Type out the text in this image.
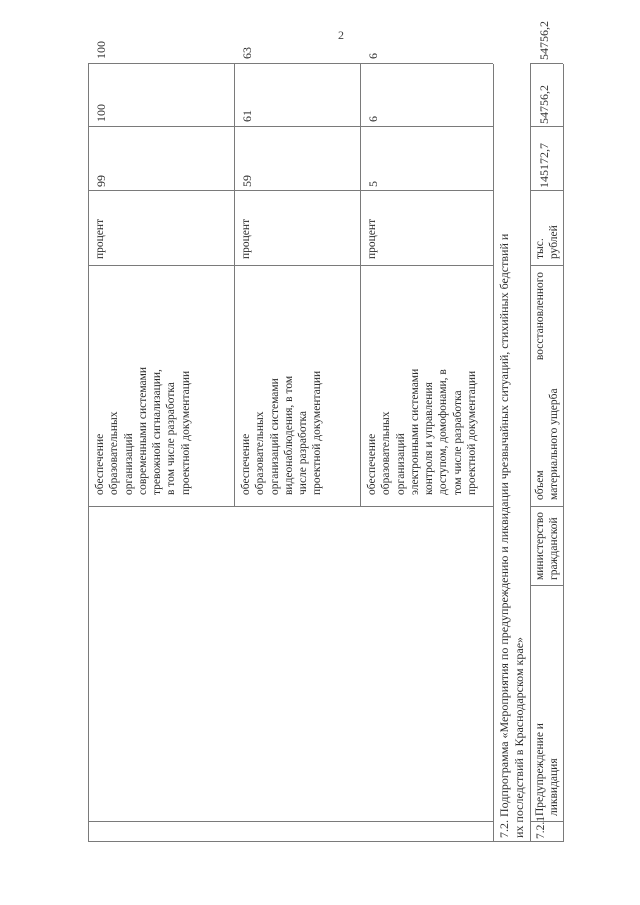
2
обеспечение образовательных организаций современными системами тревожной сигнализации, в том числе разработка проектной документации
процент
99
100
100
обеспечение образовательных организаций системами видеонаблюдения, в том числе разработка проектной документации
процент
59
61
63
обеспечение образовательных организаций электронными системами контроля и управления доступом, домофонами, в том числе разработка проектной документации
процент
5
6
6
7.2. Подпрограмма «Мероприятия по предупреждению и ликвидации чрезвычайных ситуаций, стихийных бедствий и их последствий в Краснодарском крае» 7.2.1
Предупреждение и ликвидация
министерство гражданской
объем восстановленного материального ущерба
тыс. рублей
145172,7
54756,2
54756,2
